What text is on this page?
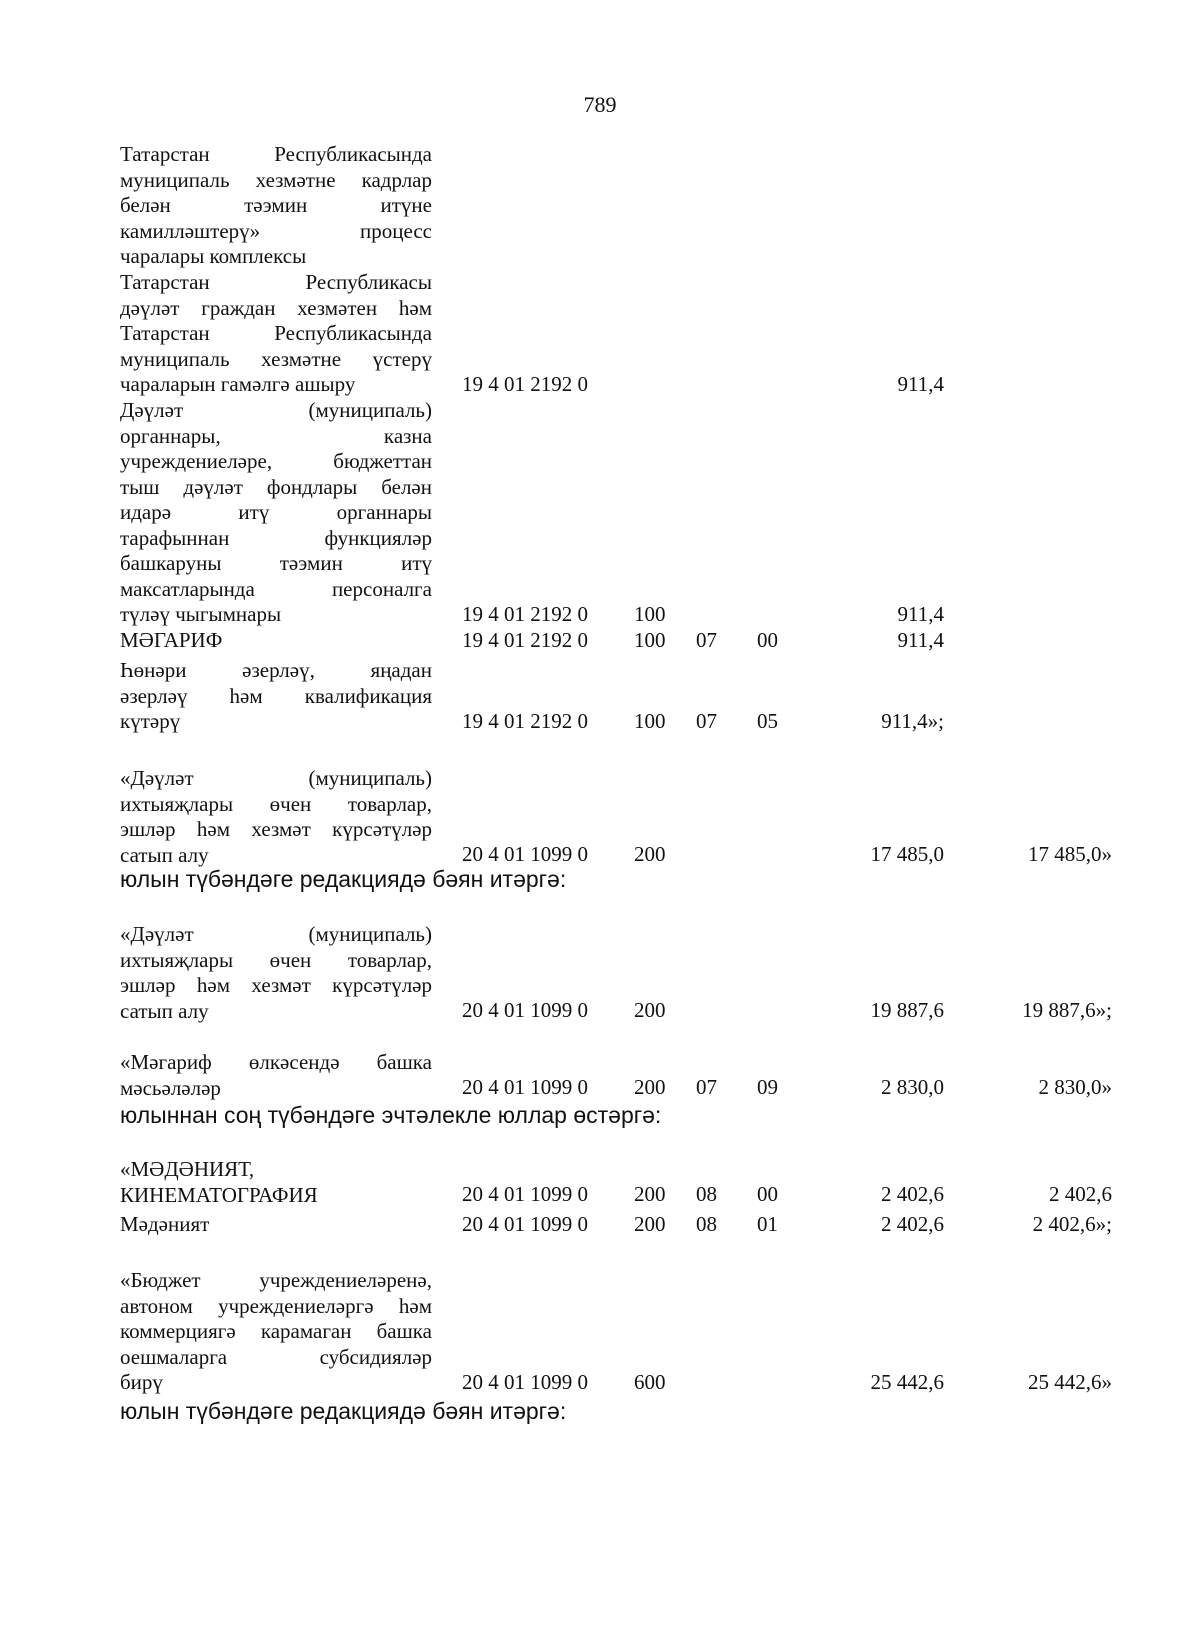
789
Татарстан Республикасында
муниципаль хезмәтне кадрлар
белән тәэмин итүне
камилләштерү» процесс
чаралары комплексы
Татарстан Республикасы
дәүләт граждан хезмәтен һәм
Татарстан Республикасында
муниципаль хезмәтне үстерү
чараларын гамәлгә ашыру	19 4 01 2192 0	911,4
Дәүләт (муниципаль)
органнары, казна
учреждениеләре, бюджеттан
тыш дәүләт фондлары белән
идарә итү органнары
тарафыннан функцияләр
башкаруны тәэмин итү
максатларында персоналга
түләү чыгымнары	19 4 01 2192 0 100	911,4
МӘГАРИФ	19 4 01 2192 0 100 07 00	911,4
Һөнәри әзерләү, яңадан
әзерләү һәм квалификация
күтәрү	19 4 01 2192 0 100 07 05	911,4»;
«Дәүләт (муниципаль)
ихтыяҗлары өчен товарлар,
эшләр һәм хезмәт күрсәтүләр
сатып алу	20 4 01 1099 0 200	17 485,0	17 485,0»
юлын түбәндәге редакциядә бәян итәргә:
«Дәүләт (муниципаль)
ихтыяҗлары өчен товарлар,
эшләр һәм хезмәт күрсәтүләр
сатып алу	20 4 01 1099 0 200	19 887,6	19 887,6»;
«Мәгариф өлкәсендә башка
мәсьәләләр	20 4 01 1099 0 200 07 09	2 830,0	2 830,0»
юлыннан соң түбәндәге эчтәлекле юллар өстәргә:
«МӘДӘНИЯТ,
КИНЕМАТОГРАФИЯ	20 4 01 1099 0 200 08 00	2 402,6	2 402,6
Мәдәният	20 4 01 1099 0 200 08 01	2 402,6	2 402,6»;
«Бюджет учреждениеләренә,
автоном учреждениеләргә һәм
коммерциягә карамаган башка
оешмаларга субсидияләр
бирү	20 4 01 1099 0 600	25 442,6	25 442,6»
юлын түбәндәге редакциядә бәян итәргә:
